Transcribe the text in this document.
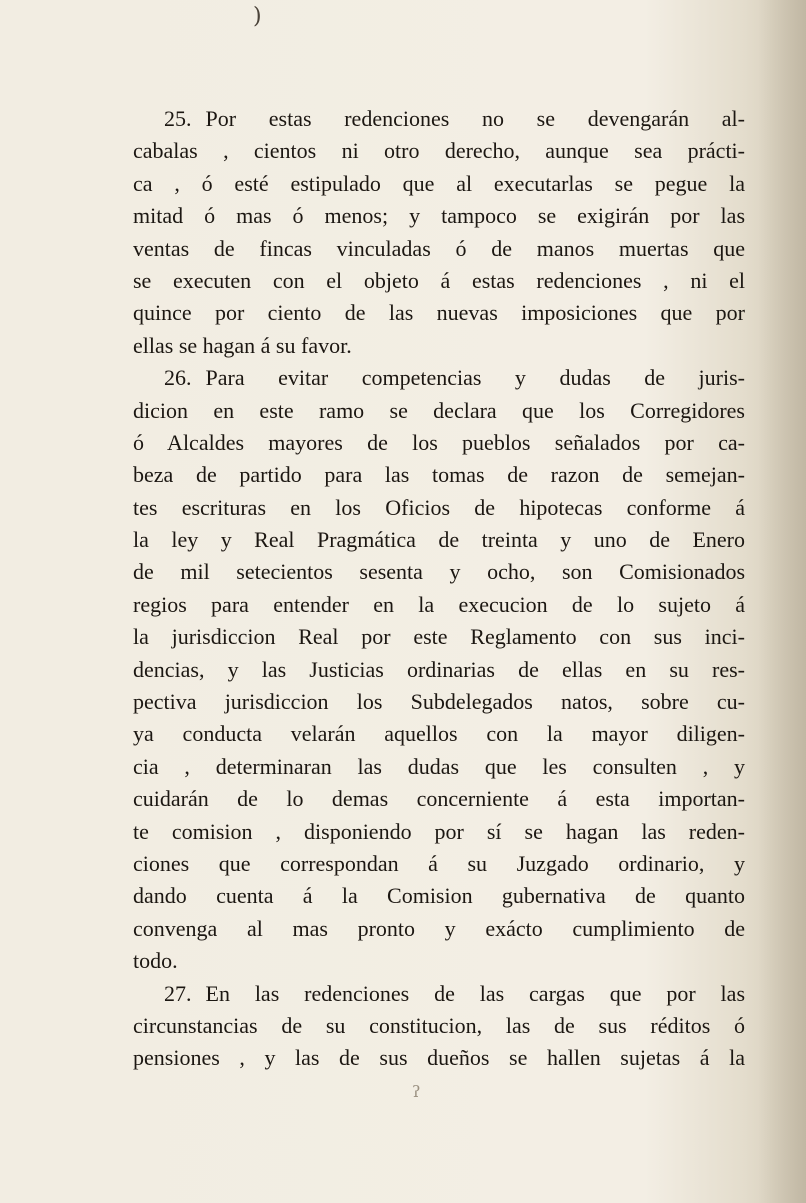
)
25. Por estas redenciones no se devengarán al-
cabalas , cientos ni otro derecho, aunque sea prácti-
ca , ó esté estipulado que al executarlas se pegue la
mitad ó mas ó menos; y tampoco se exigirán por las
ventas de fincas vinculadas ó de manos muertas que
se executen con el objeto á estas redenciones , ni el
quince por ciento de las nuevas imposiciones que por
ellas se hagan á su favor.
26. Para evitar competencias y dudas de juris-
dicion en este ramo se declara que los Corregidores
ó Alcaldes mayores de los pueblos señalados por ca-
beza de partido para las tomas de razon de semejan-
tes escrituras en los Oficios de hipotecas conforme á
la ley y Real Pragmática de treinta y uno de Enero
de mil setecientos sesenta y ocho, son Comisionados
regios para entender en la execucion de lo sujeto á
la jurisdiccion Real por este Reglamento con sus inci-
dencias, y las Justicias ordinarias de ellas en su res-
pectiva jurisdiccion los Subdelegados natos, sobre cu-
ya conducta velarán aquellos con la mayor diligen-
cia , determinaran las dudas que les consulten , y
cuidarán de lo demas concerniente á esta importan-
te comision , disponiendo por sí se hagan las reden-
ciones que correspondan á su Juzgado ordinario, y
dando cuenta á la Comision gubernativa de quanto
convenga al mas pronto y exácto cumplimiento de
todo.
27. En las redenciones de las cargas que por las
circunstancias de su constitucion, las de sus réditos ó
pensiones , y las de sus dueños se hallen sujetas á la
ʔ
